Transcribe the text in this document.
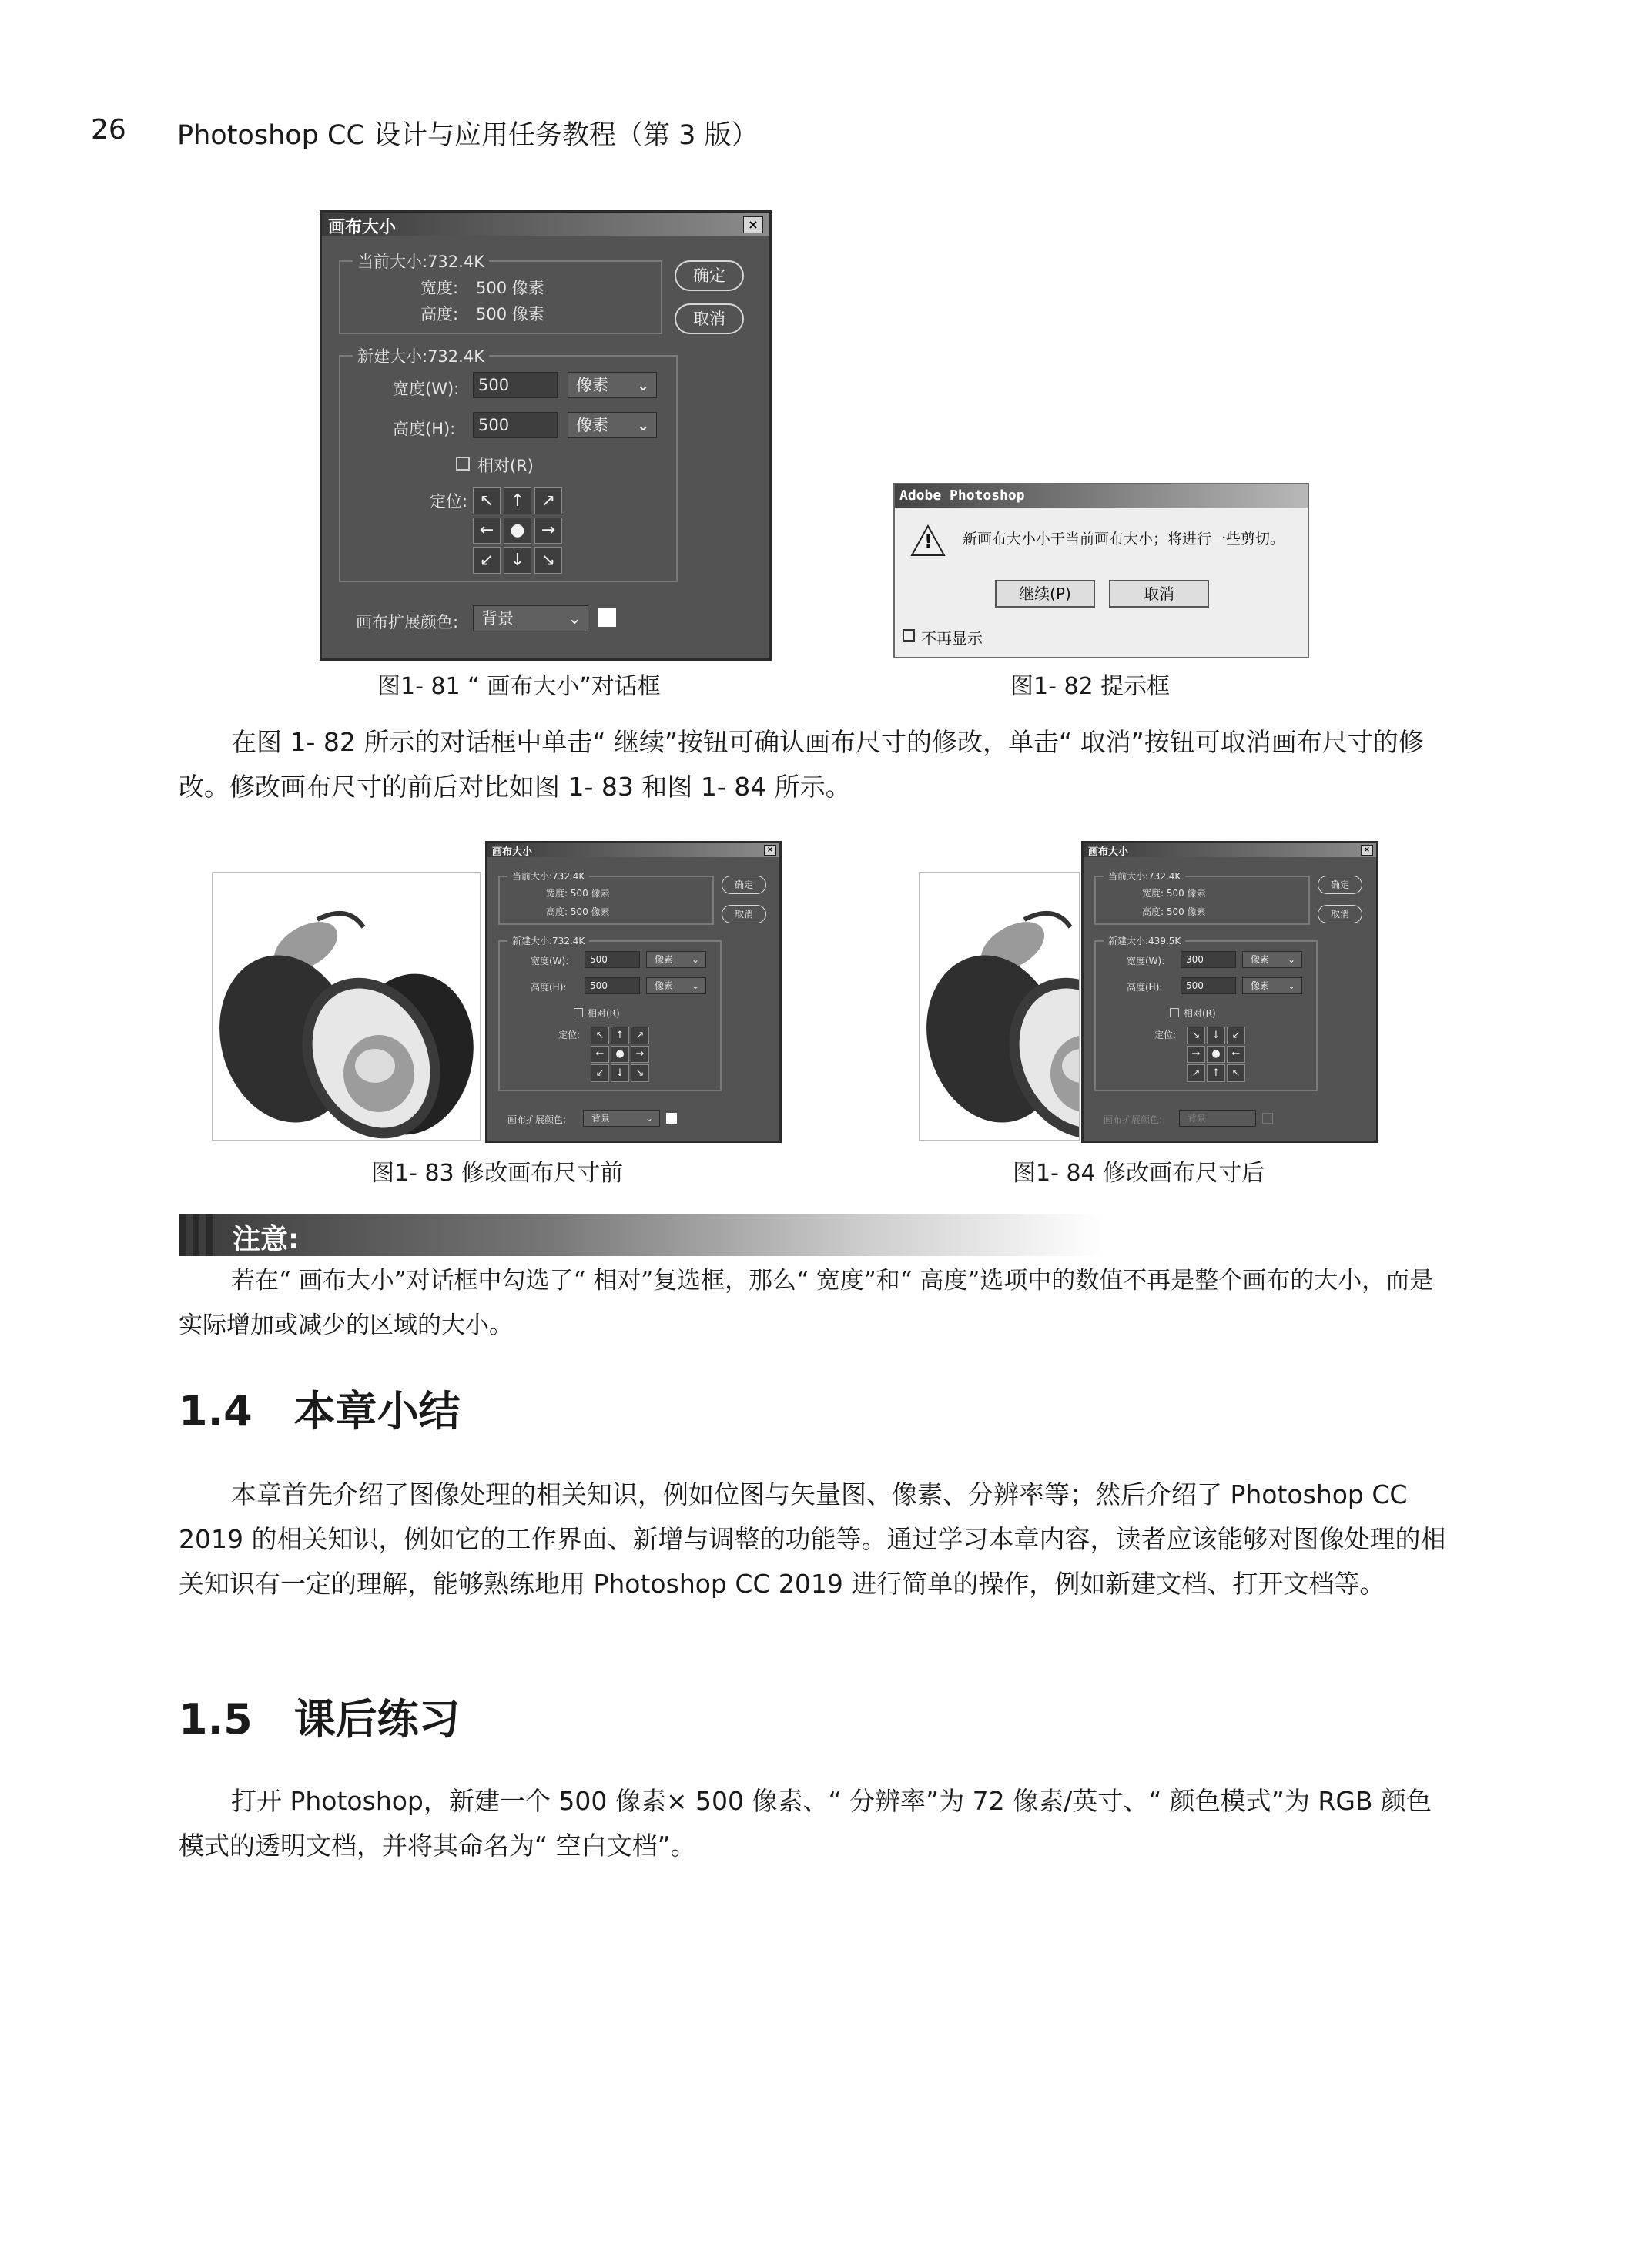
26 Photoshop CC 设计与应用任务教程（第 3 版）
画布大小	×
当前大小:732.4K
宽度: 500 像素
高度: 500 像素
确定
取消
新建大小:732.4K
宽度(W):	500	像素 ⌄
高度(H):	500	像素 ⌄
相对(R)
定位: ↖ ↑ ↗
← ● →
↙ ↓ ↘
画布扩展颜色:	背景	⌄
Adobe Photoshop
! 新画布大小小于当前画布大小；将进行一些剪切。
继续(P)	取消
不再显示
图1- 81 “ 画布大小”对话框	图1- 82 提示框
在图 1- 82 所示的对话框中单击“ 继续”按钮可确认画布尺寸的修改，单击“ 取消”按钮可取消画布尺寸的修改。修改画布尺寸的前后对比如图 1- 83 和图 1- 84 所示。
画布大小	×
当前大小:732.4K
宽度: 500 像素
高度: 500 像素
确定
取消
新建大小:732.4K
宽度(W):	500	像素 ⌄
高度(H):	500	像素 ⌄
相对(R)
定位:	↖	↑	↗
←	●	→
↙	↓	↘
画布扩展颜色:	背景	⌄
画布大小	×
当前大小:732.4K
宽度: 500 像素
高度: 500 像素
确定
取消
新建大小:439.5K
宽度(W):	300	像素 ⌄
高度(H):	500	像素 ⌄
相对(R)
定位:	↘	↓	↙
→	●	←
↗	↑	↖
画布扩展颜色:	背景
图1- 83 修改画布尺寸前	图1- 84 修改画布尺寸后
注意:
若在“ 画布大小”对话框中勾选了“ 相对”复选框，那么“ 宽度”和“ 高度”选项中的数值不再是整个画布的大小，而是实际增加或减少的区域的大小。
1.4　本章小结
本章首先介绍了图像处理的相关知识，例如位图与矢量图、像素、分辨率等；然后介绍了 Photoshop CC 2019 的相关知识，例如它的工作界面、新增与调整的功能等。通过学习本章内容，读者应该能够对图像处理的相关知识有一定的理解，能够熟练地用 Photoshop CC 2019 进行简单的操作，例如新建文档、打开文档等。
1.5　课后练习
打开 Photoshop，新建一个 500 像素× 500 像素、“ 分辨率”为 72 像素/英寸、“ 颜色模式”为 RGB 颜色模式的透明文档，并将其命名为“ 空白文档”。
